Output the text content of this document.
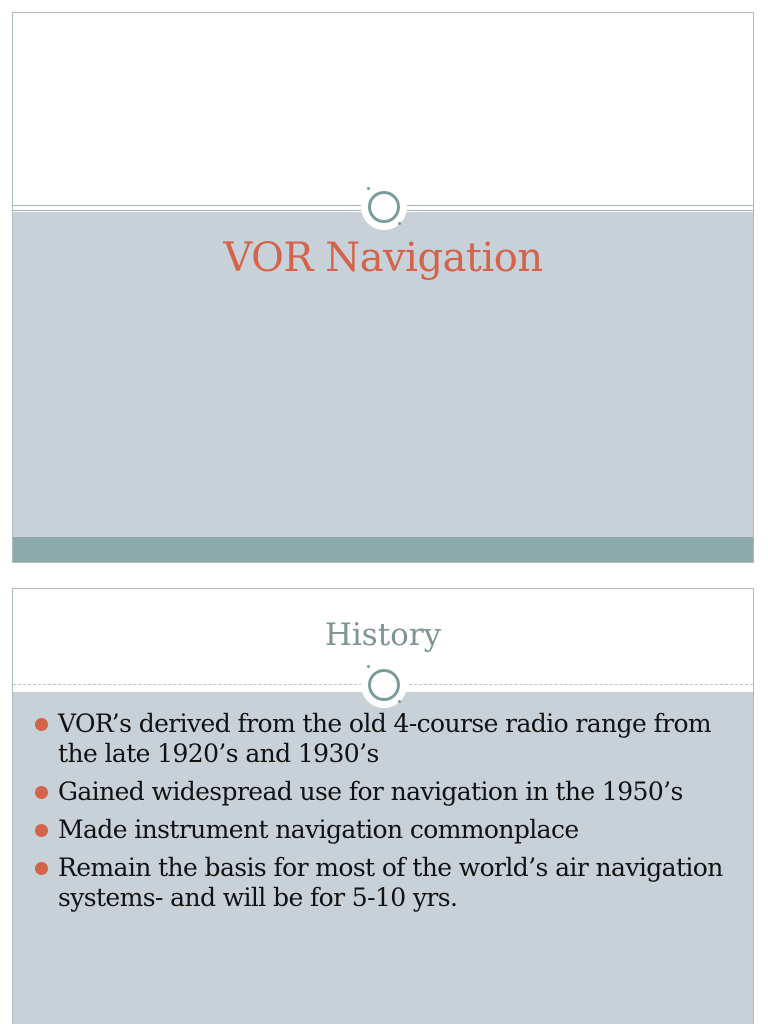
VOR Navigation
History
VOR’s derived from the old 4-course radio range from the late 1920’s and 1930’s
Gained widespread use for navigation in the 1950’s
Made instrument navigation commonplace
Remain the basis for most of the world’s air navigation systems- and will be for 5-10 yrs.
